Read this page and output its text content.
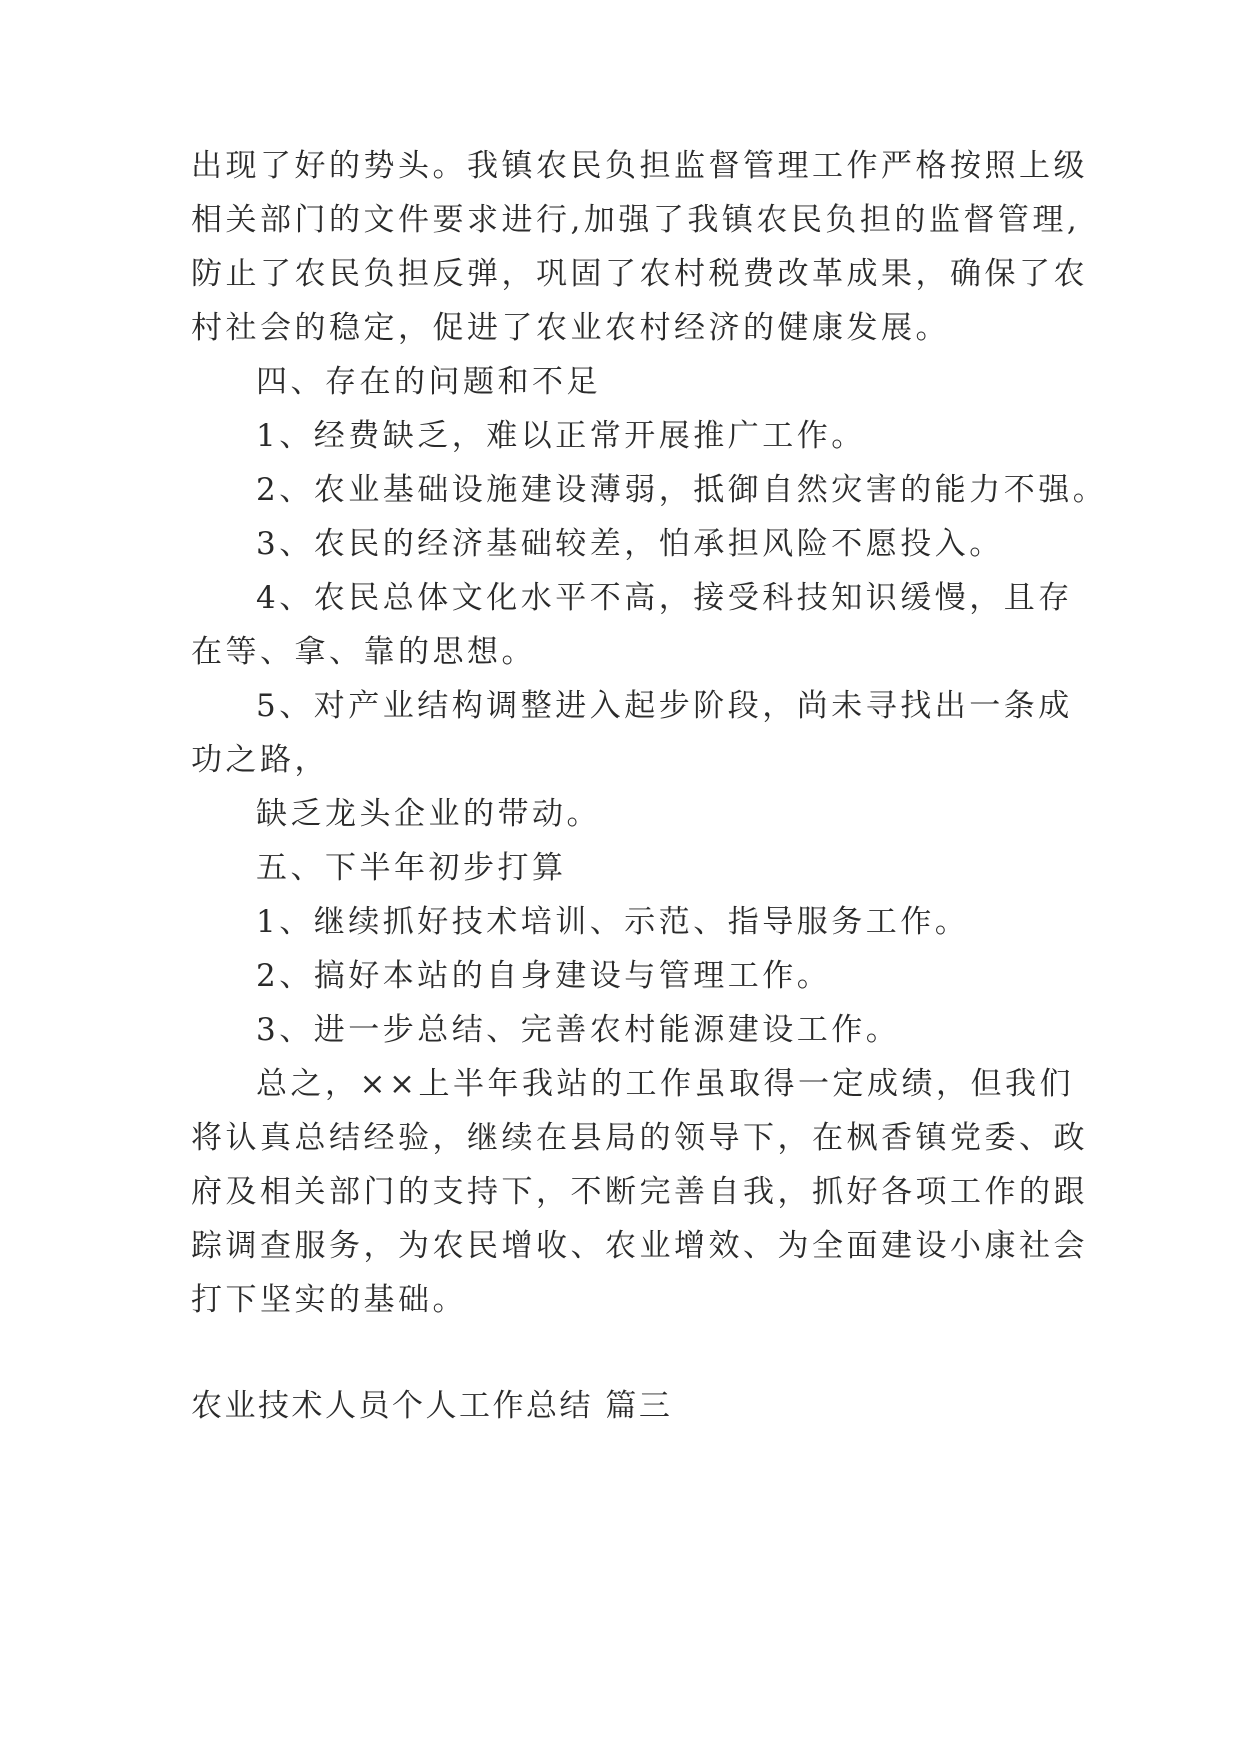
出现了好的势头。我镇农民负担监督管理工作严格按照上级
相关部门的文件要求进行,加强了我镇农民负担的监督管理,
防止了农民负担反弹，巩固了农村税费改革成果，确保了农
村社会的稳定，促进了农业农村经济的健康发展。
四、存在的问题和不足
1、经费缺乏，难以正常开展推广工作。
2、农业基础设施建设薄弱，抵御自然灾害的能力不强。
3、农民的经济基础较差，怕承担风险不愿投入。
4、农民总体文化水平不高，接受科技知识缓慢，且存
在等、拿、靠的思想。
5、对产业结构调整进入起步阶段，尚未寻找出一条成
功之路，
缺乏龙头企业的带动。
五、下半年初步打算
1、继续抓好技术培训、示范、指导服务工作。
2、搞好本站的自身建设与管理工作。
3、进一步总结、完善农村能源建设工作。
总之，××上半年我站的工作虽取得一定成绩，但我们
将认真总结经验，继续在县局的领导下，在枫香镇党委、政
府及相关部门的支持下，不断完善自我，抓好各项工作的跟
踪调查服务，为农民增收、农业增效、为全面建设小康社会
打下坚实的基础。
农业技术人员个人工作总结 篇三
